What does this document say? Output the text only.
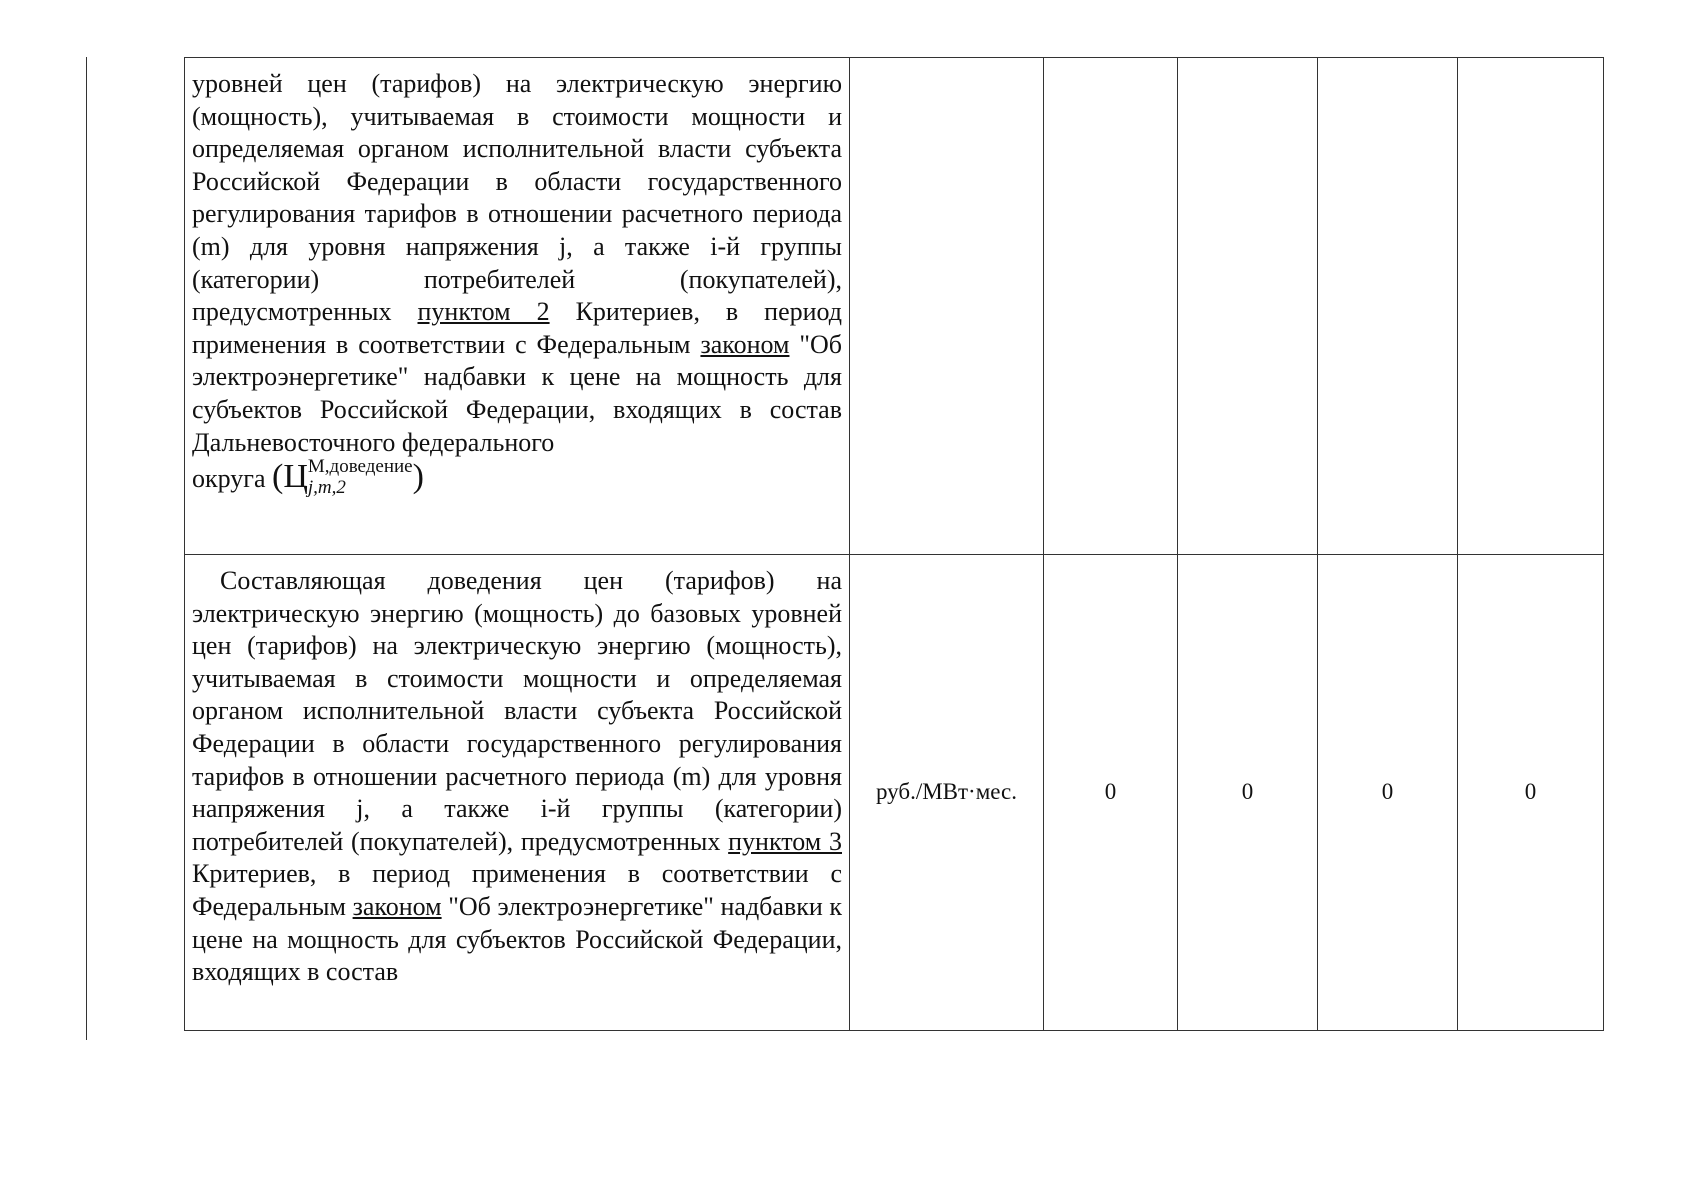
уровней цен (тарифов) на электрическую энергию (мощность), учитываемая в стоимости мощности и определяемая органом исполнительной власти субъекта Российской Федерации в области государственного регулирования тарифов в отношении расчетного периода (m) для уровня напряжения j, а также i-й группы (категории) потребителей (покупателей), предусмотренных пунктом 2 Критериев, в период применения в соответствии с Федеральным законом "Об электроэнергетике" надбавки к цене на мощность для субъектов Российской Федерации, входящих в состав Дальневосточного федерального

округа (Ц М,доведение
j,m,2 )					

Составляющая доведения цен (тарифов) на электрическую энергию (мощность) до базовых уровней цен (тарифов) на электрическую энергию (мощность), учитываемая в стоимости мощности и определяемая органом исполнительной власти субъекта Российской Федерации в области государственного регулирования тарифов в отношении расчетного периода (m) для уровня напряжения j, а также i-й группы (категории) потребителей (покупателей), предусмотренных пунктом 3 Критериев, в период применения в соответствии с Федеральным законом "Об электроэнергетике" надбавки к цене на мощность для субъектов Российской Федерации, входящих в состав	руб./МВт·мес.	0	0	0	0
